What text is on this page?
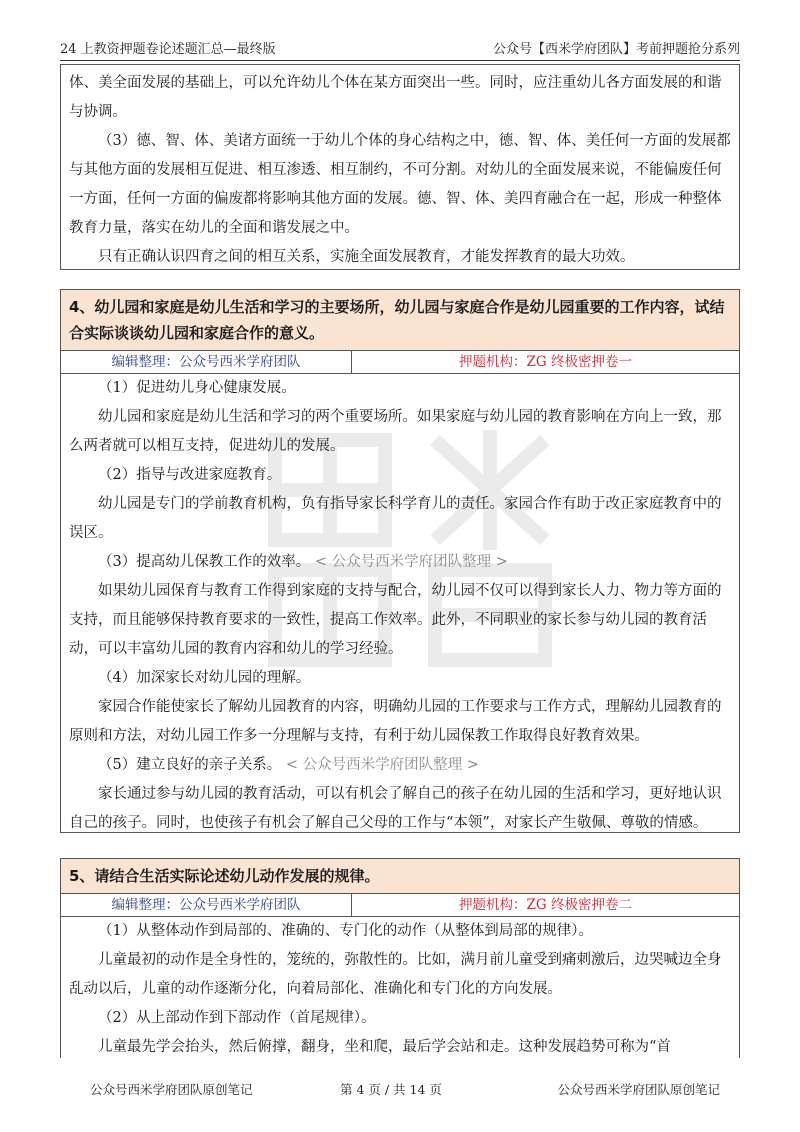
24 上教资押题卷论述题汇总—最终版	公众号【西米学府团队】考前押题抢分系列

体、美全面发展的基础上，可以允许幼儿个体在某方面突出一些。同时，应注重幼儿各方面发展的和谐与协调。

（3）德、智、体、美诸方面统一于幼儿个体的身心结构之中，德、智、体、美任何一方面的发展都与其他方面的发展相互促进、相互渗透、相互制约，不可分割。对幼儿的全面发展来说，不能偏废任何一方面，任何一方面的偏废都将影响其他方面的发展。德、智、体、美四育融合在一起，形成一种整体教育力量，落实在幼儿的全面和谐发展之中。

只有正确认识四育之间的相互关系，实施全面发展教育，才能发挥教育的最大功效。

4、幼儿园和家庭是幼儿生活和学习的主要场所，幼儿园与家庭合作是幼儿园重要的工作内容，试结合实际谈谈幼儿园和家庭合作的意义。
编辑整理：公众号西米学府团队	押题机构：ZG 终极密押卷一

（1）促进幼儿身心健康发展。

幼儿园和家庭是幼儿生活和学习的两个重要场所。如果家庭与幼儿园的教育影响在方向上一致，那么两者就可以相互支持，促进幼儿的发展。

（2）指导与改进家庭教育。

幼儿园是专门的学前教育机构，负有指导家长科学育儿的责任。家园合作有助于改正家庭教育中的误区。

（3）提高幼儿保教工作的效率。 < 公众号西米学府团队整理 >

如果幼儿园保育与教育工作得到家庭的支持与配合，幼儿园不仅可以得到家长人力、物力等方面的支持，而且能够保持教育要求的一致性，提高工作效率。此外，不同职业的家长参与幼儿园的教育活动，可以丰富幼儿园的教育内容和幼儿的学习经验。

（4）加深家长对幼儿园的理解。

家园合作能使家长了解幼儿园教育的内容，明确幼儿园的工作要求与工作方式，理解幼儿园教育的原则和方法，对幼儿园工作多一分理解与支持，有利于幼儿园保教工作取得良好教育效果。

（5）建立良好的亲子关系。 < 公众号西米学府团队整理 >

家长通过参与幼儿园的教育活动，可以有机会了解自己的孩子在幼儿园的生活和学习，更好地认识自己的孩子。同时，也使孩子有机会了解自己父母的工作与“本领”，对家长产生敬佩、尊敬的情感。

5、请结合生活实际论述幼儿动作发展的规律。
编辑整理：公众号西米学府团队	押题机构：ZG 终极密押卷二

（1）从整体动作到局部的、准确的、专门化的动作（从整体到局部的规律）。

儿童最初的动作是全身性的，笼统的，弥散性的。比如，满月前儿童受到痛刺激后，边哭喊边全身乱动以后，儿童的动作逐渐分化，向着局部化、准确化和专门化的方向发展。

（2）从上部动作到下部动作（首尾规律）。

儿童最先学会抬头，然后俯撑，翻身，坐和爬，最后学会站和走。这种发展趋势可称为“首

公众号西米学府团队原创笔记	第 4 页 / 共 14 页	公众号西米学府团队原创笔记
